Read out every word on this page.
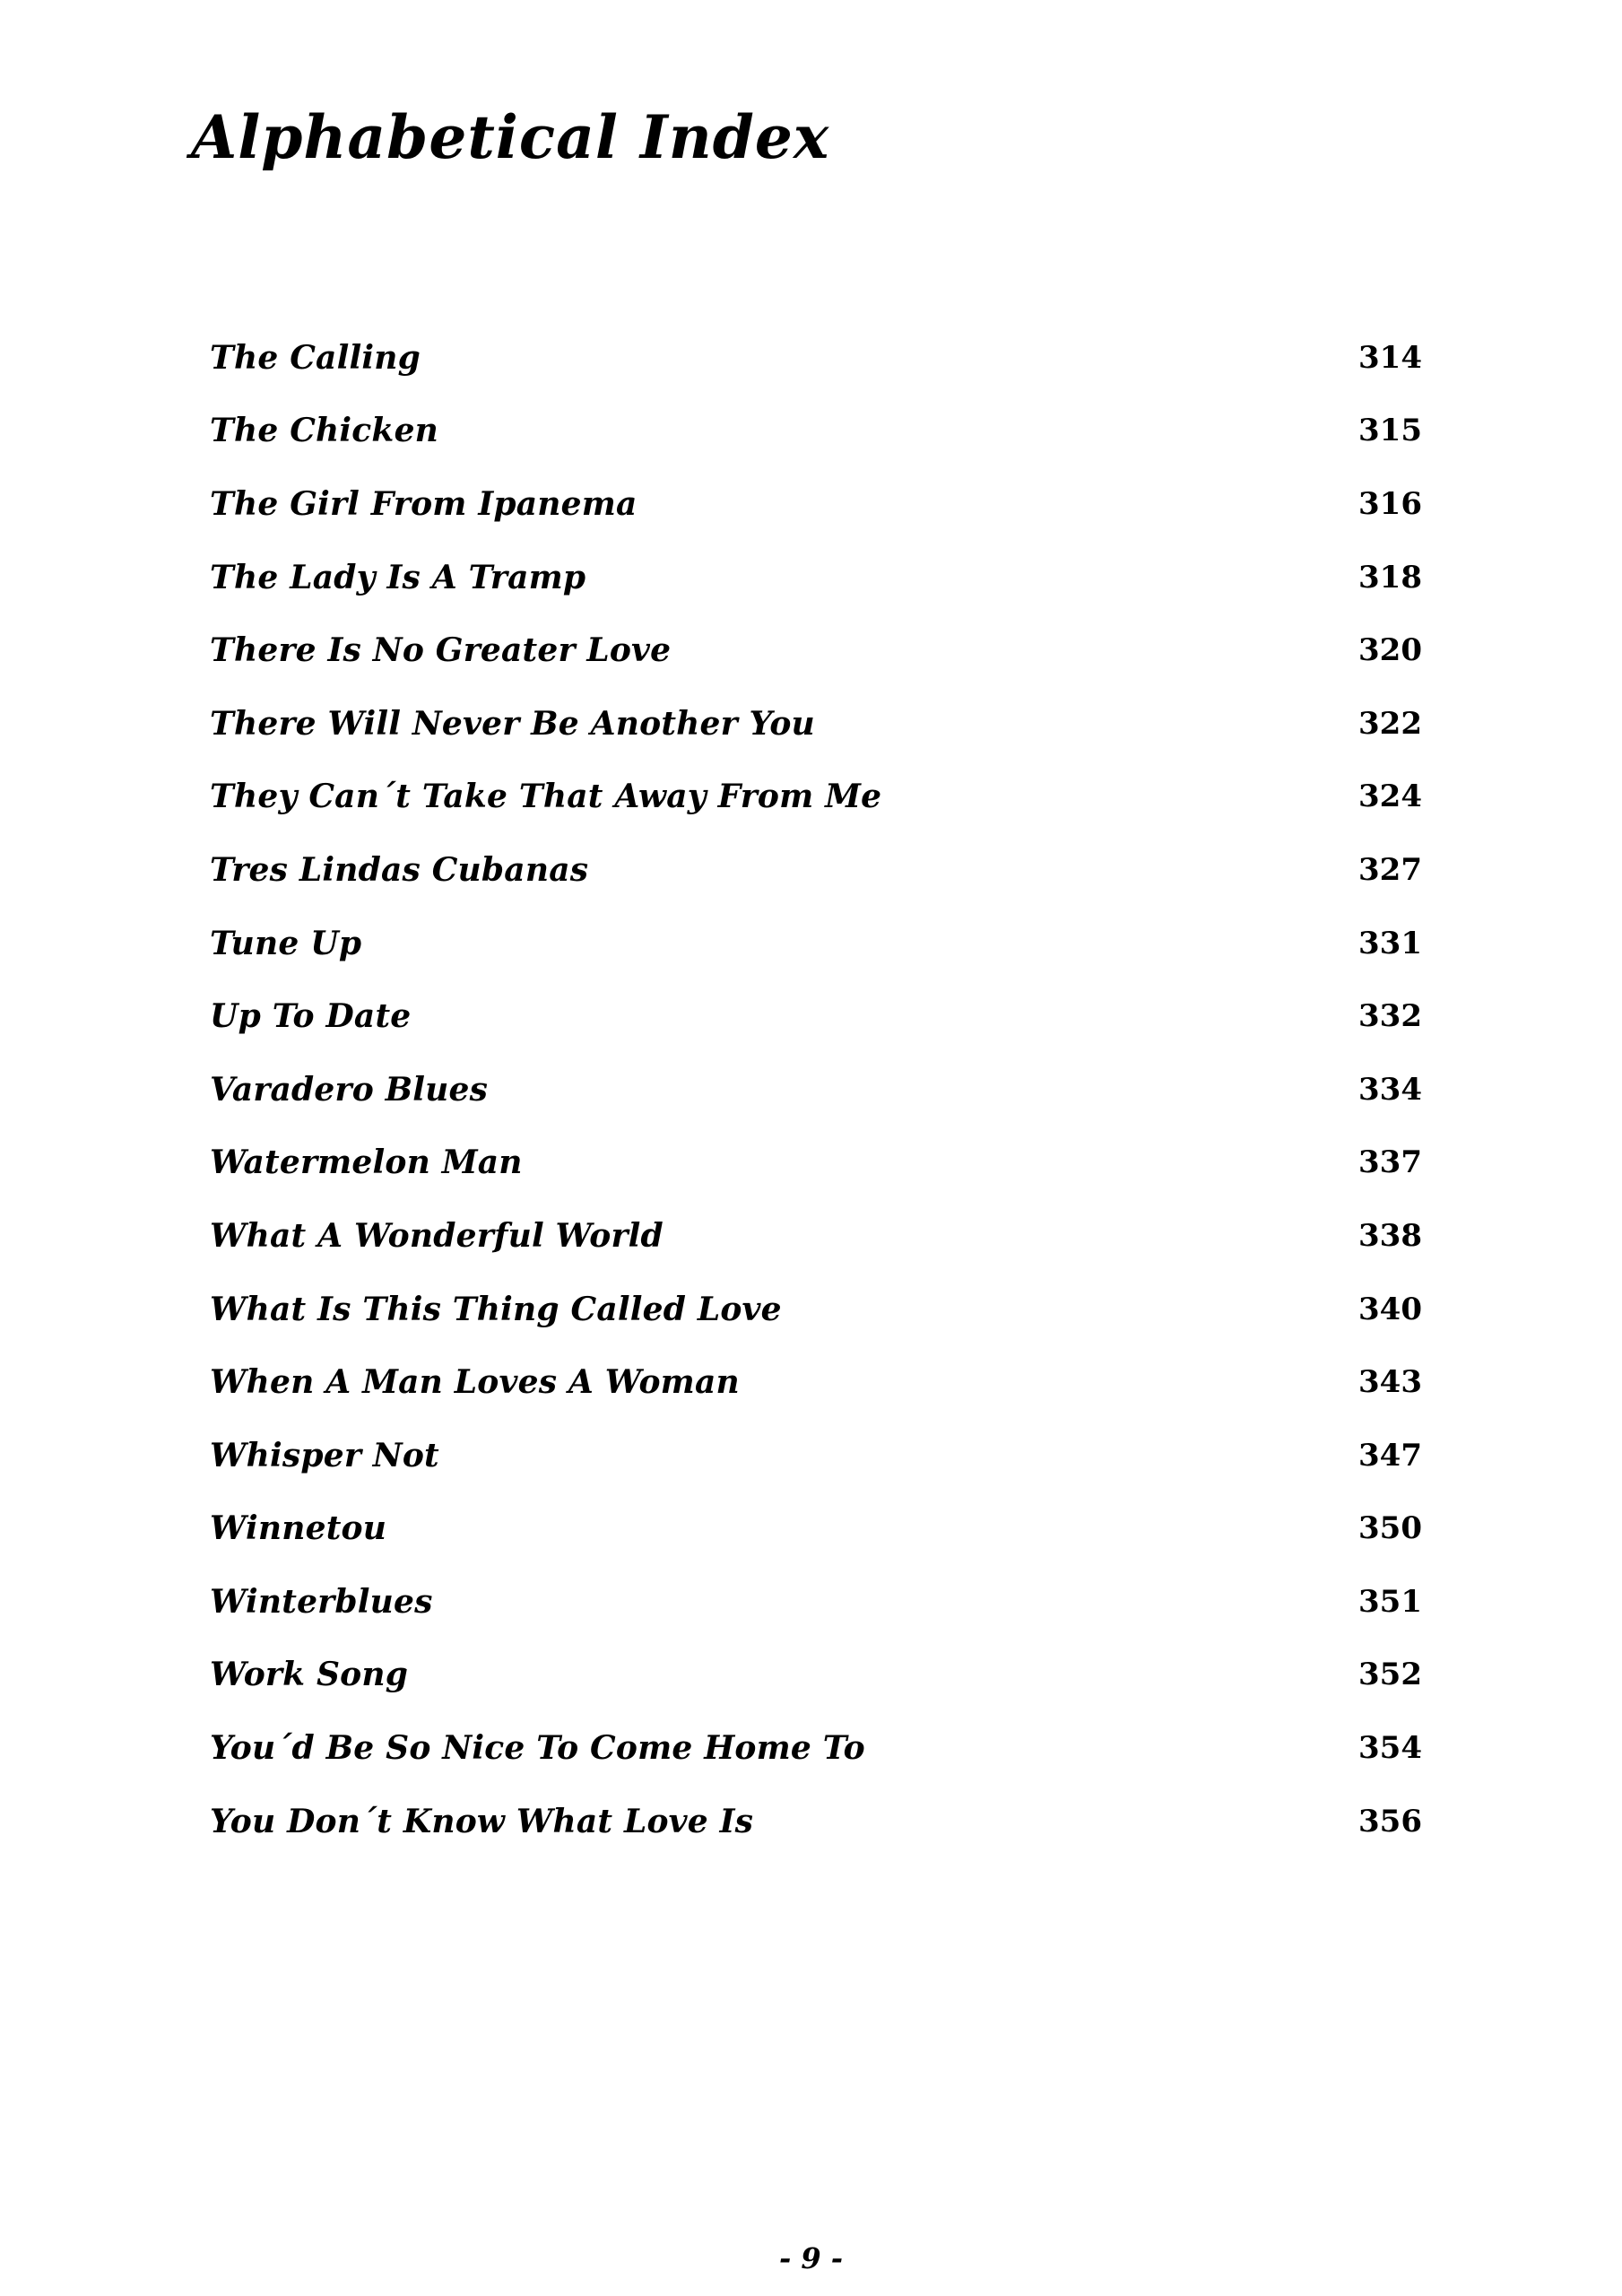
Alphabetical Index
The Calling	314
The Chicken	315
The Girl From Ipanema	316
The Lady Is A Tramp	318
There Is No Greater Love	320
There Will Never Be Another You	322
They Can´t Take That Away From Me	324
Tres Lindas Cubanas	327
Tune Up	331
Up To Date	332
Varadero Blues	334
Watermelon Man	337
What A Wonderful World	338
What Is This Thing Called Love	340
When A Man Loves A Woman	343
Whisper Not	347
Winnetou	350
Winterblues	351
Work Song	352
You´d Be So Nice To Come Home To	354
You Don´t Know What Love Is	356
- 9 -
